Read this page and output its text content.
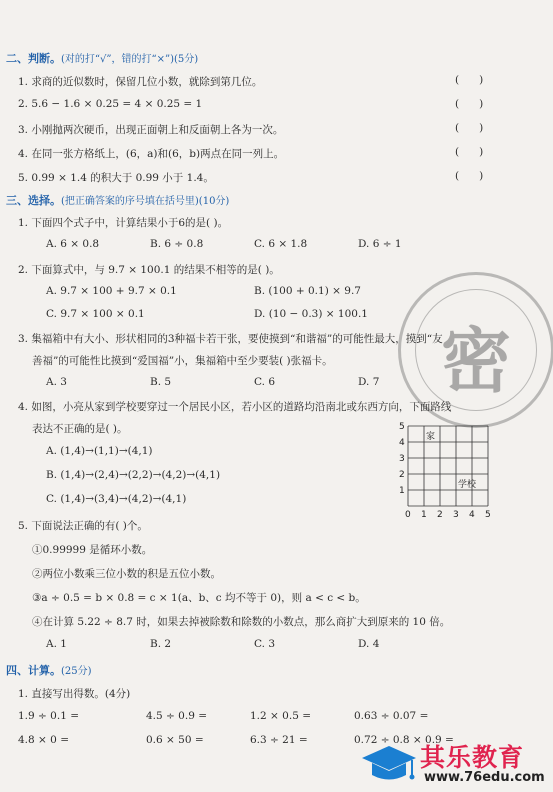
二、判断。(对的打“√”，错的打“×”)(5分)
1. 求商的近似数时，保留几位小数，就除到第几位。	(      )
2. 5.6 − 1.6 × 0.25 = 4 × 0.25 = 1	(      )
3. 小刚抛两次硬币，出现正面朝上和反面朝上各为一次。	(      )
4. 在同一张方格纸上，(6，a)和(6，b)两点在同一列上。	(      )
5. 0.99 × 1.4 的积大于 0.99 小于 1.4。	(      )
三、选择。(把正确答案的序号填在括号里)(10分)
1. 下面四个式子中，计算结果小于6的是( )。
A. 6 × 0.8	B. 6 ÷ 0.8	C. 6 × 1.8	D. 6 ÷ 1
2. 下面算式中，与 9.7 × 100.1 的结果不相等的是( )。
A. 9.7 × 100 + 9.7 × 0.1	B. (100 + 0.1) × 9.7
C. 9.7 × 100 × 0.1	D. (10 − 0.3) × 100.1
密
3. 集福箱中有大小、形状相同的3种福卡若干张，要使摸到“和谐福”的可能性最大，摸到“友
善福”的可能性比摸到“爱国福”小，集福箱中至少要装( )张福卡。
A. 3	B. 5	C. 6	D. 7
4. 如图，小亮从家到学校要穿过一个居民小区，若小区的道路均沿南北或东西方向，下面路线
表达不正确的是( )。
A. (1,4)→(1,1)→(4,1)
B. (1,4)→(2,4)→(2,2)→(4,2)→(4,1)
C. (1,4)→(3,4)→(4,2)→(4,1)
5
4
3
2
1
0 1 2 3 4 5
家
学校
5. 下面说法正确的有( )个。
①0.99999 是循环小数。
②两位小数乘三位小数的积是五位小数。
③a ÷ 0.5 = b × 0.8 = c × 1(a、b、c 均不等于 0)，则 a < c < b。
④在计算 5.22 ÷ 8.7 时，如果去掉被除数和除数的小数点，那么商扩大到原来的 10 倍。
A. 1	B. 2	C. 3	D. 4
四、计算。(25分)
1. 直接写出得数。(4分)
1.9 ÷ 0.1 =	4.5 ÷ 0.9 =	1.2 × 0.5 =	0.63 ÷ 0.07 =
4.8 × 0 =	0.6 × 50 =	6.3 ÷ 21 =	0.72 ÷ 0.8 × 0.9 =
其乐教育
www.76edu.com
